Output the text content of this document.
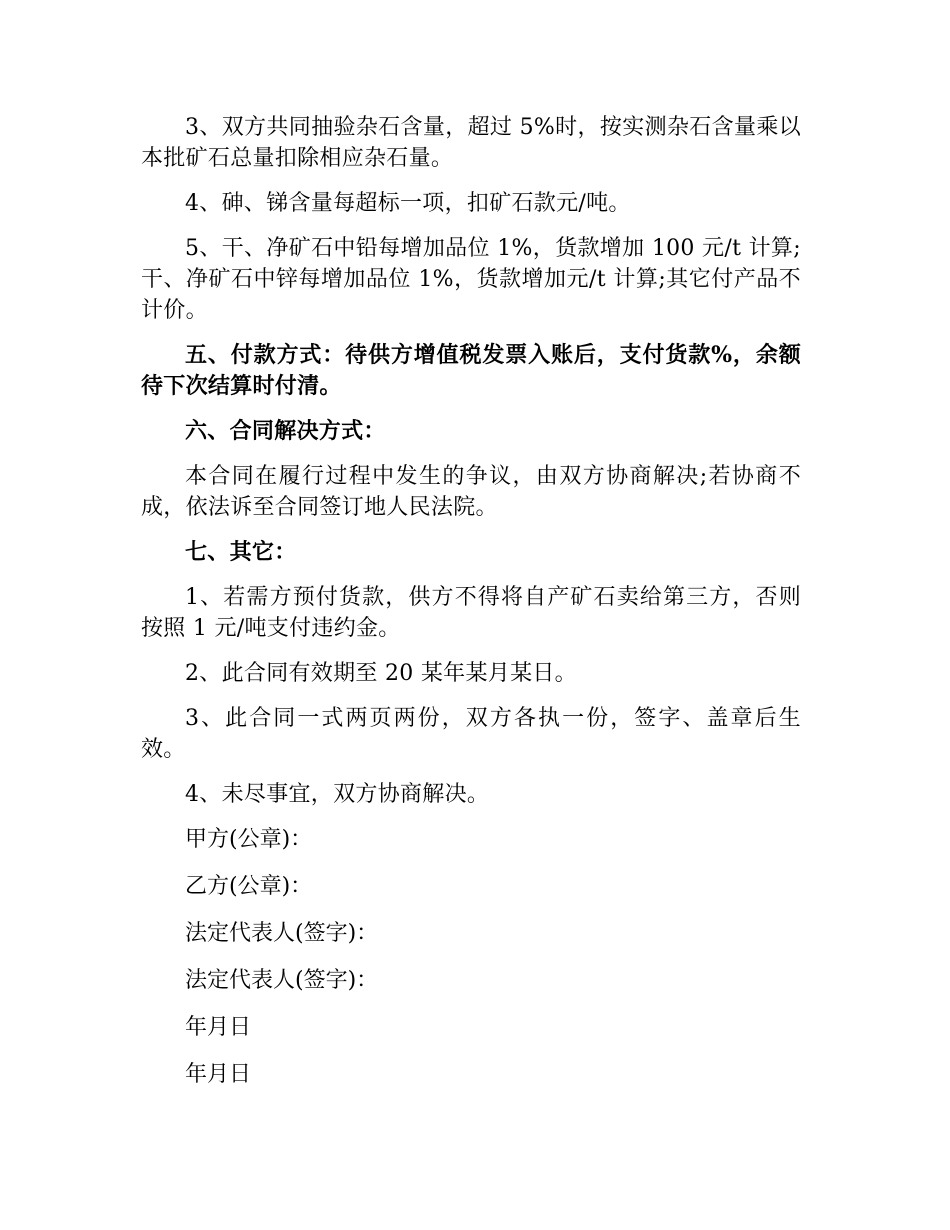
3、双方共同抽验杂石含量，超过 5%时，按实测杂石含量乘以本批矿石总量扣除相应杂石量。

4、砷、锑含量每超标一项，扣矿石款元/吨。

5、干、净矿石中铅每增加品位 1%，货款增加 100 元/t 计算;干、净矿石中锌每增加品位 1%，货款增加元/t 计算;其它付产品不计价。

五、付款方式：待供方增值税发票入账后，支付货款%，余额待下次结算时付清。

六、合同解决方式：

本合同在履行过程中发生的争议，由双方协商解决;若协商不成，依法诉至合同签订地人民法院。

七、其它：

1、若需方预付货款，供方不得将自产矿石卖给第三方，否则按照 1 元/吨支付违约金。

2、此合同有效期至 20 某年某月某日。

3、此合同一式两页两份，双方各执一份，签字、盖章后生效。

4、未尽事宜，双方协商解决。

甲方(公章)：

乙方(公章)：

法定代表人(签字)：

法定代表人(签字)：

年月日

年月日
